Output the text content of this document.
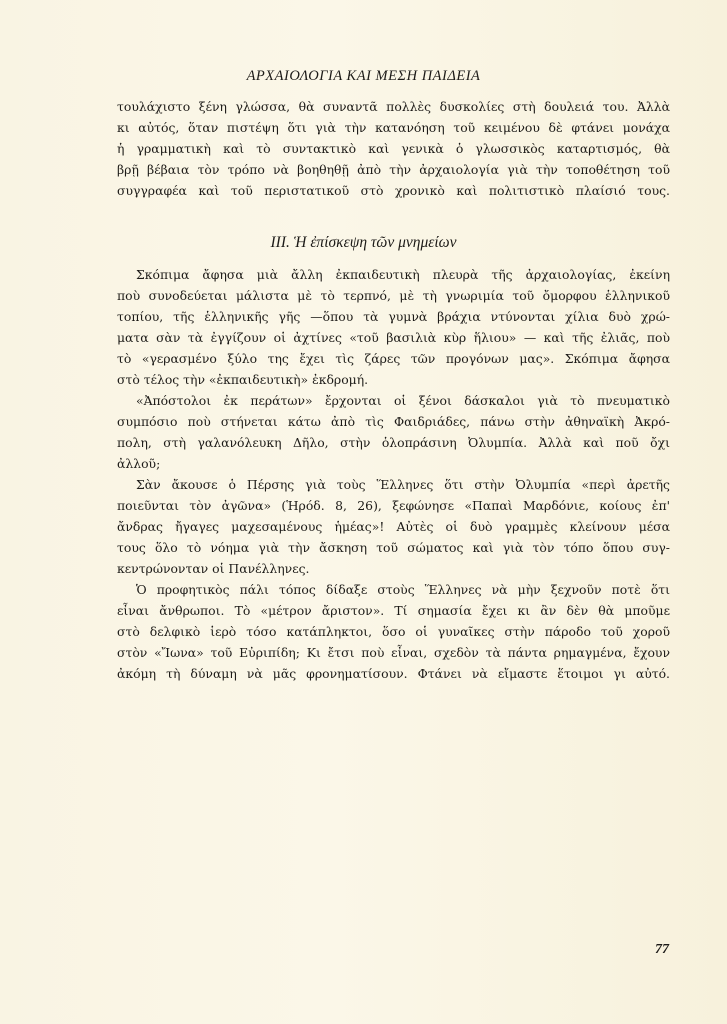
ΑΡΧΑΙΟΛΟΓΙΑ ΚΑΙ ΜΕΣΗ ΠΑΙΔΕΙΑ
τουλάχιστο ξένη γλώσσα, θὰ συναντᾶ πολλὲς δυσκολίες στὴ δουλειά του. Ἀλλὰ
κι αὐτός, ὅταν πιστέψη ὅτι γιὰ τὴν κατανόηση τοῦ κειμένου δὲ φτάνει μονάχα
ἡ γραμματικὴ καὶ τὸ συντακτικὸ καὶ γενικὰ ὁ γλωσσικὸς καταρτισμός, θὰ
βρῇ βέβαια τὸν τρόπο νὰ βοηθηθῇ ἀπὸ τὴν ἀρχαιολογία γιὰ τὴν τοποθέτηση τοῦ
συγγραφέα καὶ τοῦ περιστατικοῦ στὸ χρονικὸ καὶ πολιτιστικὸ πλαίσιό τους.
III. Ἡ ἐπίσκεψη τῶν μνημείων
Σκόπιμα ἄφησα μιὰ ἄλλη ἐκπαιδευτικὴ πλευρὰ τῆς ἀρχαιολογίας, ἐκείνη
ποὺ συνοδεύεται μάλιστα μὲ τὸ τερπνό, μὲ τὴ γνωριμία τοῦ ὄμορφου ἑλληνικοῦ
τοπίου, τῆς ἑλληνικῆς γῆς —ὅπου τὰ γυμνὰ βράχια ντύνονται χίλια δυὸ χρώ-
ματα σὰν τὰ ἐγγίζουν οἱ ἀχτίνες «τοῦ βασιλιὰ κὺρ ἥλιου» — καὶ τῆς ἐλιᾶς, ποὺ
τὸ «γερασμένο ξύλο της ἔχει τὶς ζάρες τῶν προγόνων μας». Σκόπιμα ἄφησα
στὸ τέλος τὴν «ἐκπαιδευτικὴ» ἐκδρομή.
«Ἀπόστολοι ἐκ περάτων» ἔρχονται οἱ ξένοι δάσκαλοι γιὰ τὸ πνευματικὸ
συμπόσιο ποὺ στήνεται κάτω ἀπὸ τὶς Φαιδριάδες, πάνω στὴν ἀθηναϊκὴ Ἀκρό-
πολη, στὴ γαλανόλευκη Δῆλο, στὴν ὁλοπράσινη Ὀλυμπία. Ἀλλὰ καὶ ποῦ ὄχι
ἀλλοῦ;
Σὰν ἄκουσε ὁ Πέρσης γιὰ τοὺς Ἕλληνες ὅτι στὴν Ὀλυμπία «περὶ ἀρετῆς
ποιεῦνται τὸν ἀγῶνα» (Ἡρόδ. 8, 26), ξεφώνησε «Παπαὶ Μαρδόνιε, κοίους ἐπ'
ἄνδρας ἤγαγες μαχεσαμένους ἡμέας»! Αὐτὲς οἱ δυὸ γραμμὲς κλείνουν μέσα
τους ὅλο τὸ νόημα γιὰ τὴν ἄσκηση τοῦ σώματος καὶ γιὰ τὸν τόπο ὅπου συγ-
κεντρώνονταν οἱ Πανέλληνες.
Ὁ προφητικὸς πάλι τόπος δίδαξε στοὺς Ἕλληνες νὰ μὴν ξεχνοῦν ποτὲ ὅτι
εἶναι ἄνθρωποι. Τὸ «μέτρον ἄριστον». Τί σημασία ἔχει κι ἂν δὲν θὰ μποῦμε
στὸ δελφικὸ ἱερὸ τόσο κατάπληκτοι, ὅσο οἱ γυναῖκες στὴν πάροδο τοῦ χοροῦ
στὸν «Ἴωνα» τοῦ Εὐριπίδη; Κι ἔτσι ποὺ εἶναι, σχεδὸν τὰ πάντα ρημαγμένα, ἔχουν
ἀκόμη τὴ δύναμη νὰ μᾶς φρονηματίσουν. Φτάνει νὰ εἴμαστε ἕτοιμοι γι αὐτό.
77
